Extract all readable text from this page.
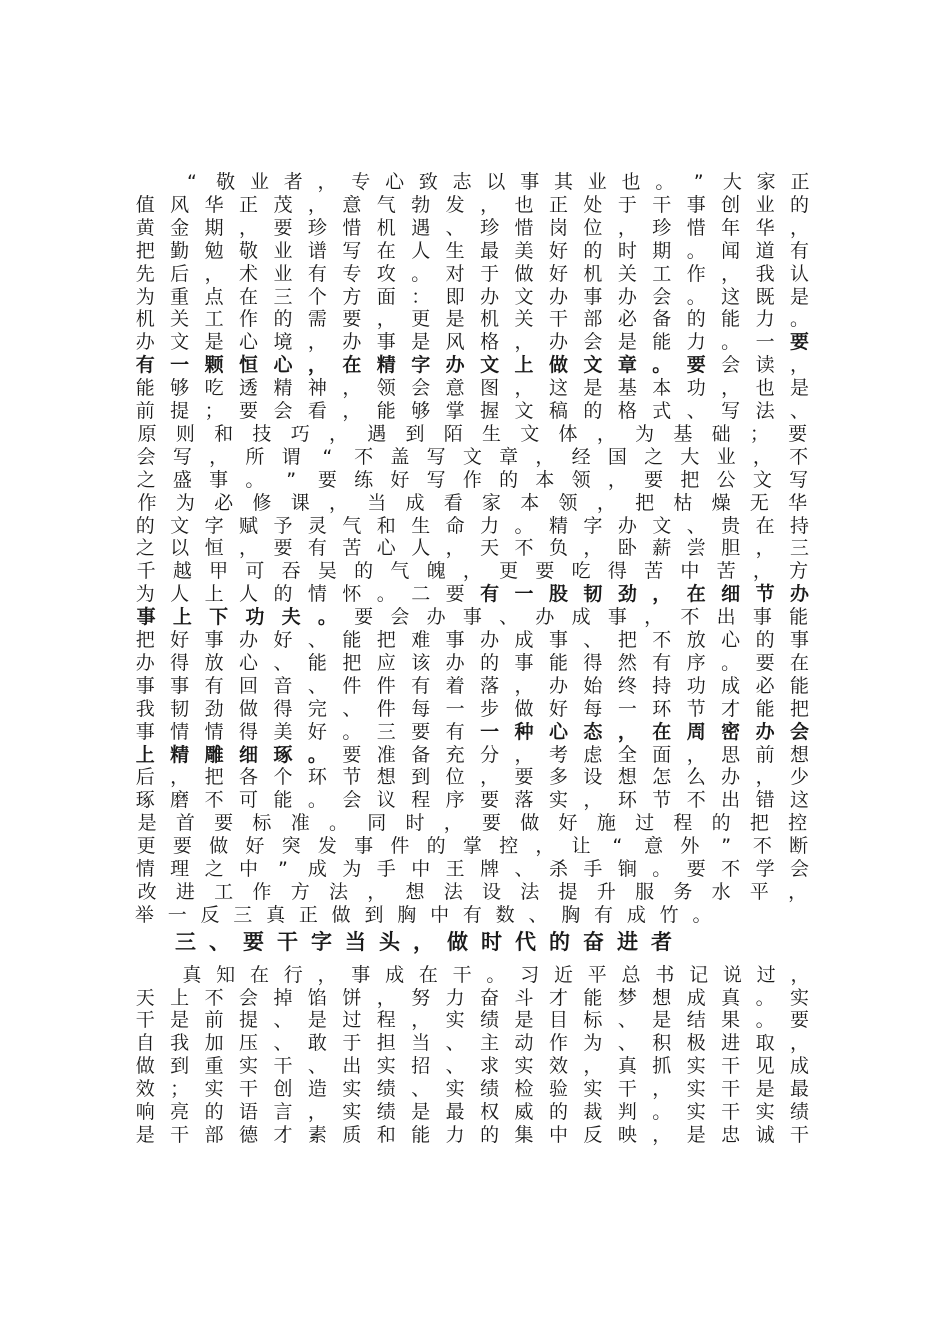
“ 敬 业 者 ， 专 心 致 志 以 事 其 业 也 。 ” 大 家 正
值 风 华 正 茂 ， 意 气 勃 发 ， 也 正 处 于 干 事 创 业 的
黄 金 期 ， 要 珍 惜 机 遇 、 珍 惜 岗 位 ， 珍 惜 年 华 ，
把 勤 勉 敬 业 谱 写 在 人 生 最 美 好 的 时 期 。 闻 道 有
先 后 ， 术 业 有 专 攻 。 对 于 做 好 机 关 工 作 ， 我 认
为 重 点 在 三 个 方 面 ： 即 办 文 办 事 办 会 。 这 既 是
机 关 工 作 的 需 要 ， 更 是 机 关 干 部 必 备 的 能 力 。
办 文 是 心 境 ， 办 事 是 风 格 ， 办 会 是 能 力 。 一 要
有 一 颗 恒 心 ， 在 精 字 办 文 上 做 文 章 。 要 会 读 ，
能 够 吃 透 精 神 ， 领 会 意 图 ， 这 是 基 本 功 ， 也 是
前 提 ； 要 会 看 ， 能 够 掌 握 文 稿 的 格 式 、 写 法 、
原 则 和 技 巧 ， 遇 到 陌 生 文 体 ， 为 基 础 ； 要
会 写 ， 所 谓 “ 不 盖 写 文 章 ， 经 国 之 大 业 ， 不
之 盛 事 。 ” 要 练 好 写 作 的 本 领 ， 要 把 公 文 写
作 为 必 修 课 ， 当 成 看 家 本 领 ， 把 枯 燥 无 华
的 文 字 赋 予 灵 气 和 生 命 力 。 精 字 办 文 、 贵 在 持
之 以 恒 ， 要 有 苦 心 人 ， 天 不 负 ， 卧 薪 尝 胆 ， 三
千 越 甲 可 吞 吴 的 气 魄 ， 更 要 吃 得 苦 中 苦 ， 方
为 人 上 人 的 情 怀 。 二 要 有 一 股 韧 劲 ， 在 细 节 办
事 上 下 功 夫 。 要 会 办 事 、 办 成 事 ， 不 出 事 能
把 好 事 办 好 、 能 把 难 事 办 成 事 、 把 不 放 心 的 事
办 得 放 心 、 能 把 应 该 办 的 事 能 得 然 有 序 。 要 在
事 事 有 回 音 、 件 件 有 着 落 ， 办 始 终 持 功 成 必 能
我 韧 劲 做 得 完 、 件 每 一 步 做 好 每 一 环 节 才 能 把
事 情 情 得 美 好 。 三 要 有 一 种 心 态 ， 在 周 密 办 会
上 精 雕 细 琢 。 要 准 备 充 分 ， 考 虑 全 面 ， 思 前 想
后 ， 把 各 个 环 节 想 到 位 ， 要 多 设 想 怎 么 办 ， 少
琢 磨 不 可 能 。 会 议 程 序 要 落 实 ， 环 节 不 出 错 这
是 首 要 标 准 。 同 时 ， 要 做 好 施 过 程 的 把 控
更 要 做 好 突 发 事 件 的 掌 控 ， 让 “ 意 外 ” 不 断
情 理 之 中 ” 成 为 手 中 王 牌 、 杀 手 锏 。 要 不 学 会
改 进 工 作 方 法 ， 想 法 设 法 提 升 服 务 水 平 ，
举 一 反 三 真 正 做 到 胸 中 有 数 、 胸 有 成 竹 。
三、要干字当头，做时代的奋进者
真 知 在 行 ， 事 成 在 干 。 习 近 平 总 书 记 说 过 ，
天 上 不 会 掉 馅 饼 ， 努 力 奋 斗 才 能 梦 想 成 真 。 实
干 是 前 提 、 是 过 程 ， 实 绩 是 目 标 、 是 结 果 。 要
自 我 加 压 、 敢 于 担 当 、 主 动 作 为 、 积 极 进 取 ，
做 到 重 实 干 、 出 实 招 、 求 实 效 ， 真 抓 实 干 见 成
效 ； 实 干 创 造 实 绩 、 实 绩 检 验 实 干 ， 实 干 是 最
响 亮 的 语 言 ， 实 绩 是 最 权 威 的 裁 判 。 实 干 实 绩
是 干 部 德 才 素 质 和 能 力 的 集 中 反 映 ， 是 忠 诚 干
